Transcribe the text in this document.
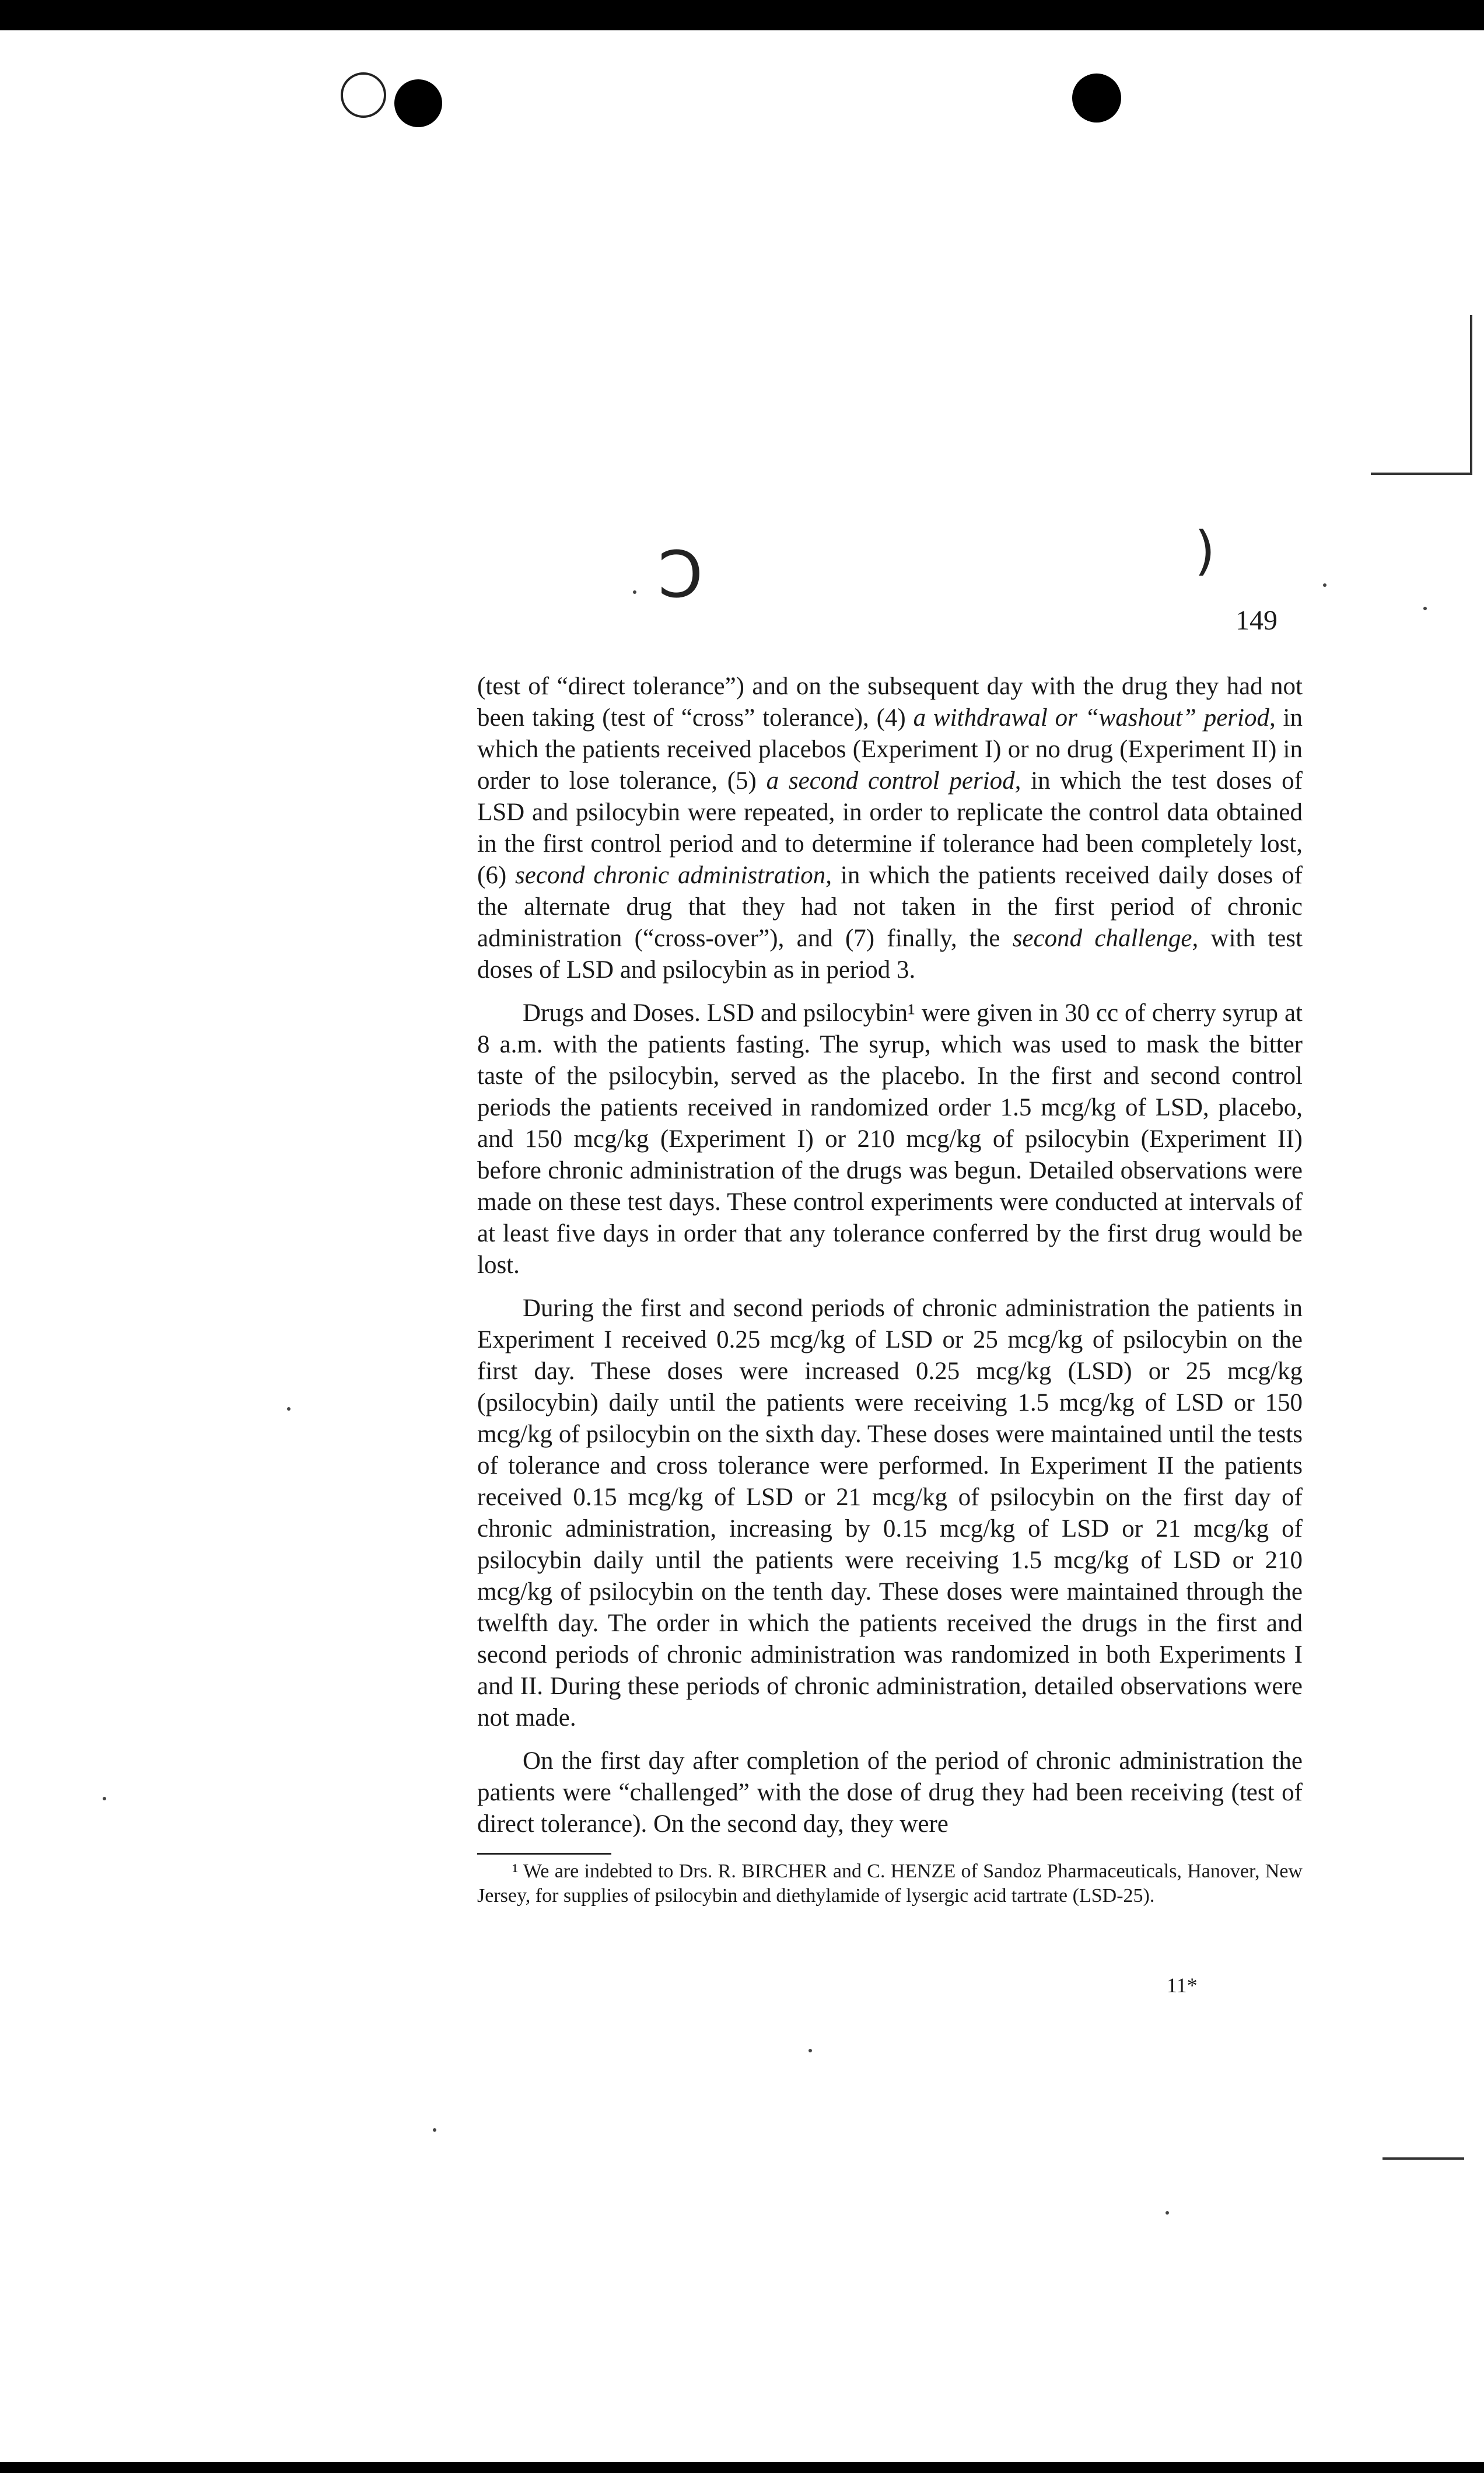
Ↄ	)
149

(test of “direct tolerance”) and on the subsequent day with the drug they had not been taking (test of “cross” tolerance), (4) a withdrawal or “washout” period, in which the patients received placebos (Experiment I) or no drug (Experiment II) in order to lose tolerance, (5) a second control period, in which the test doses of LSD and psilocybin were repeated, in order to replicate the control data obtained in the first control period and to determine if tolerance had been completely lost, (6) second chronic administration, in which the patients received daily doses of the alternate drug that they had not taken in the first period of chronic administration (“cross-over”), and (7) finally, the second challenge, with test doses of LSD and psilocybin as in period 3.

Drugs and Doses. LSD and psilocybin¹ were given in 30 cc of cherry syrup at 8 a.m. with the patients fasting. The syrup, which was used to mask the bitter taste of the psilocybin, served as the placebo. In the first and second control periods the patients received in randomized order 1.5 mcg/kg of LSD, placebo, and 150 mcg/kg (Experiment I) or 210 mcg/kg of psilocybin (Experiment II) before chronic administration of the drugs was begun. Detailed observations were made on these test days. These control experiments were conducted at intervals of at least five days in order that any tolerance conferred by the first drug would be lost.

During the first and second periods of chronic administration the patients in Experiment I received 0.25 mcg/kg of LSD or 25 mcg/kg of psilocybin on the first day. These doses were increased 0.25 mcg/kg (LSD) or 25 mcg/kg (psilocybin) daily until the patients were receiving 1.5 mcg/kg of LSD or 150 mcg/kg of psilocybin on the sixth day. These doses were maintained until the tests of tolerance and cross tolerance were performed. In Experiment II the patients received 0.15 mcg/kg of LSD or 21 mcg/kg of psilocybin on the first day of chronic administration, increasing by 0.15 mcg/kg of LSD or 21 mcg/kg of psilocybin daily until the patients were receiving 1.5 mcg/kg of LSD or 210 mcg/kg of psilocybin on the tenth day. These doses were maintained through the twelfth day. The order in which the patients received the drugs in the first and second periods of chronic administration was randomized in both Experiments I and II. During these periods of chronic administration, detailed observations were not made.

On the first day after completion of the period of chronic administration the patients were “challenged” with the dose of drug they had been receiving (test of direct tolerance). On the second day, they were

¹ We are indebted to Drs. R. BIRCHER and C. HENZE of Sandoz Pharmaceuticals, Hanover, New Jersey, for supplies of psilocybin and diethylamide of lysergic acid tartrate (LSD-25).
11*
